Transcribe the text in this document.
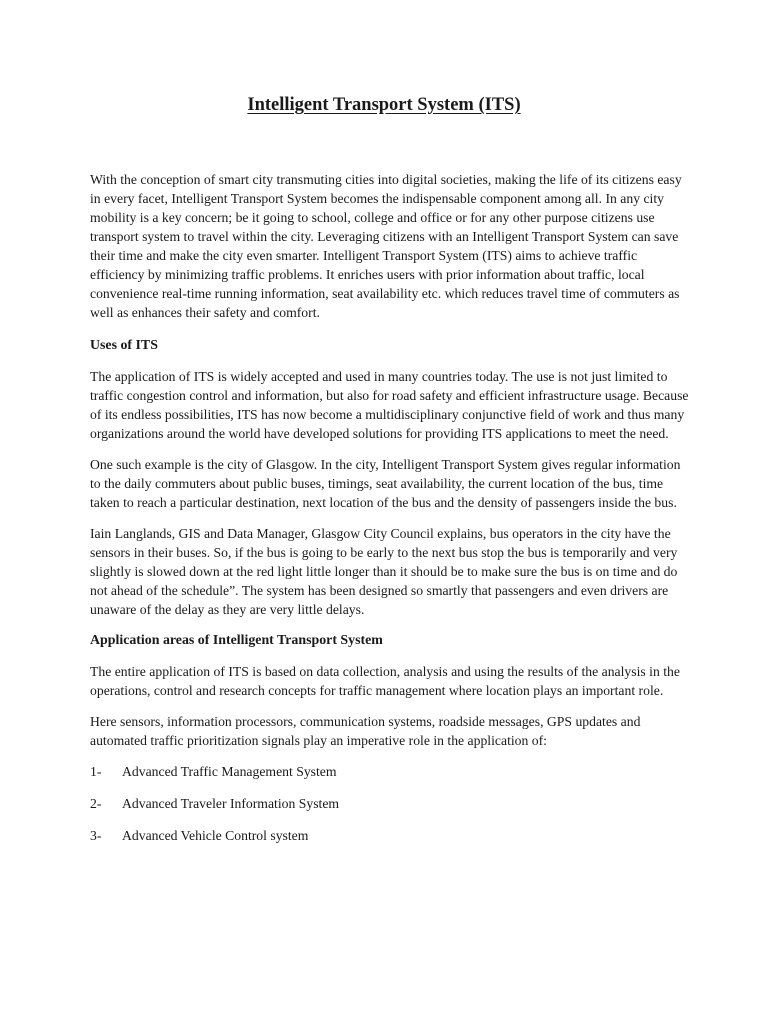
Intelligent Transport System (ITS)

With the conception of smart city transmuting cities into digital societies, making the life of its citizens easy in every facet, Intelligent Transport System becomes the indispensable component among all. In any city mobility is a key concern; be it going to school, college and office or for any other purpose citizens use transport system to travel within the city. Leveraging citizens with an Intelligent Transport System can save their time and make the city even smarter. Intelligent Transport System (ITS) aims to achieve traffic efficiency by minimizing traffic problems. It enriches users with prior information about traffic, local convenience real-time running information, seat availability etc. which reduces travel time of commuters as well as enhances their safety and comfort.

Uses of ITS

The application of ITS is widely accepted and used in many countries today. The use is not just limited to traffic congestion control and information, but also for road safety and efficient infrastructure usage. Because of its endless possibilities, ITS has now become a multidisciplinary conjunctive field of work and thus many organizations around the world have developed solutions for providing ITS applications to meet the need.

One such example is the city of Glasgow. In the city, Intelligent Transport System gives regular information to the daily commuters about public buses, timings, seat availability, the current location of the bus, time taken to reach a particular destination, next location of the bus and the density of passengers inside the bus.

Iain Langlands, GIS and Data Manager, Glasgow City Council explains, bus operators in the city have the sensors in their buses. So, if the bus is going to be early to the next bus stop the bus is temporarily and very slightly is slowed down at the red light little longer than it should be to make sure the bus is on time and do not ahead of the schedule”. The system has been designed so smartly that passengers and even drivers are unaware of the delay as they are very little delays.

Application areas of Intelligent Transport System

The entire application of ITS is based on data collection, analysis and using the results of the analysis in the operations, control and research concepts for traffic management where location plays an important role.

Here sensors, information processors, communication systems, roadside messages, GPS updates and automated traffic prioritization signals play an imperative role in the application of:

1-	Advanced Traffic Management System
2-	Advanced Traveler Information System
3-	Advanced Vehicle Control system
